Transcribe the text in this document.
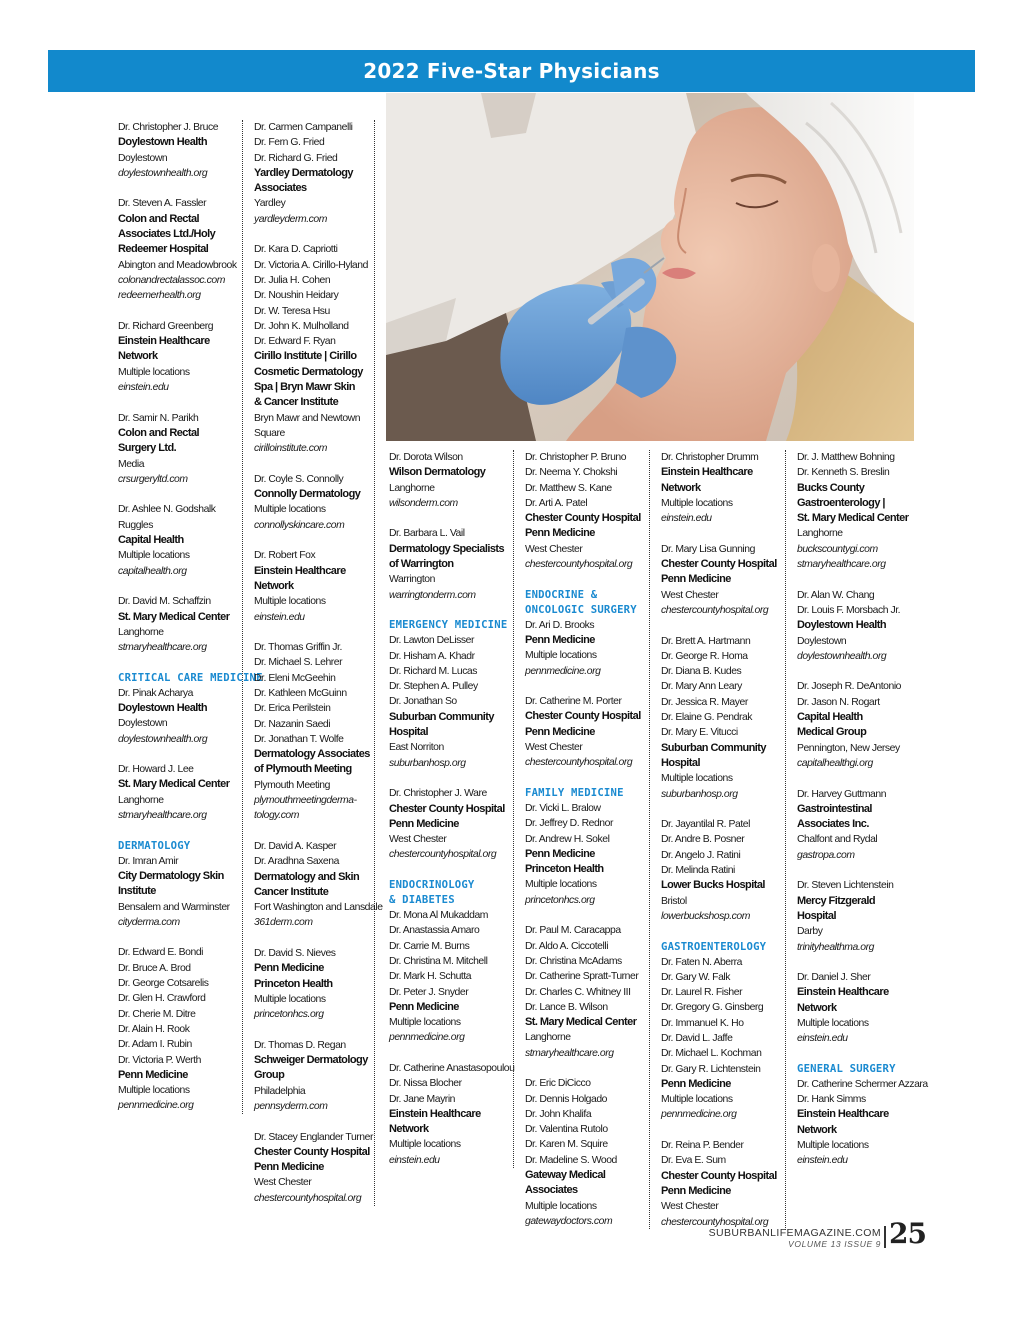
2022 Five-Star Physicians
Dr. Christopher J. Bruce
Doylestown Health
Doylestown
doylestownhealth.org
Dr. Steven A. Fassler
Colon and Rectal
Associates Ltd./Holy
Redeemer Hospital
Abington and Meadowbrook
colonandrectalassoc.com
redeemerhealth.org
Dr. Richard Greenberg
Einstein Healthcare
Network
Multiple locations
einstein.edu
Dr. Samir N. Parikh
Colon and Rectal
Surgery Ltd.
Media
crsurgeryltd.com
Dr. Ashlee N. Godshalk
Ruggles
Capital Health
Multiple locations
capitalhealth.org
Dr. David M. Schaffzin
St. Mary Medical Center
Langhorne
stmaryhealthcare.org
CRITICAL CARE MEDICINE
Dr. Pinak Acharya
Doylestown Health
Doylestown
doylestownhealth.org
Dr. Howard J. Lee
St. Mary Medical Center
Langhorne
stmaryhealthcare.org
DERMATOLOGY
Dr. Imran Amir
City Dermatology Skin
Institute
Bensalem and Warminster
cityderma.com
Dr. Edward E. Bondi
Dr. Bruce A. Brod
Dr. George Cotsarelis
Dr. Glen H. Crawford
Dr. Cherie M. Ditre
Dr. Alain H. Rook
Dr. Adam I. Rubin
Dr. Victoria P. Werth
Penn Medicine
Multiple locations
pennmedicine.org
Dr. Carmen Campanelli
Dr. Fern G. Fried
Dr. Richard G. Fried
Yardley Dermatology
Associates
Yardley
yardleyderm.com
Dr. Kara D. Capriotti
Dr. Victoria A. Cirillo-Hyland
Dr. Julia H. Cohen
Dr. Noushin Heidary
Dr. W. Teresa Hsu
Dr. John K. Mulholland
Dr. Edward F. Ryan
Cirillo Institute | Cirillo
Cosmetic Dermatology
Spa | Bryn Mawr Skin
& Cancer Institute
Bryn Mawr and Newtown
Square
cirilloinstitute.com
Dr. Coyle S. Connolly
Connolly Dermatology
Multiple locations
connollyskincare.com
Dr. Robert Fox
Einstein Healthcare
Network
Multiple locations
einstein.edu
Dr. Thomas Griffin Jr.
Dr. Michael S. Lehrer
Dr. Eleni McGeehin
Dr. Kathleen McGuinn
Dr. Erica Perilstein
Dr. Nazanin Saedi
Dr. Jonathan T. Wolfe
Dermatology Associates
of Plymouth Meeting
Plymouth Meeting
plymouthmeetingderma-
tology.com
Dr. David A. Kasper
Dr. Aradhna Saxena
Dermatology and Skin
Cancer Institute
Fort Washington and Lansdale
361derm.com
Dr. David S. Nieves
Penn Medicine
Princeton Health
Multiple locations
princetonhcs.org
Dr. Thomas D. Regan
Schweiger Dermatology
Group
Philadelphia
pennsyderm.com
Dr. Stacey Englander Turner
Chester County Hospital
Penn Medicine
West Chester
chestercountyhospital.org
Dr. Dorota Wilson
Wilson Dermatology
Langhorne
wilsonderm.com
Dr. Barbara L. Vail
Dermatology Specialists
of Warrington
Warrington
warringtonderm.com
EMERGENCY MEDICINE
Dr. Lawton DeLisser
Dr. Hisham A. Khadr
Dr. Richard M. Lucas
Dr. Stephen A. Pulley
Dr. Jonathan So
Suburban Community
Hospital
East Norriton
suburbanhosp.org
Dr. Christopher J. Ware
Chester County Hospital
Penn Medicine
West Chester
chestercountyhospital.org
ENDOCRINOLOGY
& DIABETES
Dr. Mona Al Mukaddam
Dr. Anastassia Amaro
Dr. Carrie M. Burns
Dr. Christina M. Mitchell
Dr. Mark H. Schutta
Dr. Peter J. Snyder
Penn Medicine
Multiple locations
pennmedicine.org
Dr. Catherine Anastasopoulou
Dr. Nissa Blocher
Dr. Jane Mayrin
Einstein Healthcare
Network
Multiple locations
einstein.edu
Dr. Christopher P. Bruno
Dr. Neema Y. Chokshi
Dr. Matthew S. Kane
Dr. Arti A. Patel
Chester County Hospital
Penn Medicine
West Chester
chestercountyhospital.org
ENDOCRINE &
ONCOLOGIC SURGERY
Dr. Ari D. Brooks
Penn Medicine
Multiple locations
pennmedicine.org
Dr. Catherine M. Porter
Chester County Hospital
Penn Medicine
West Chester
chestercountyhospital.org
FAMILY MEDICINE
Dr. Vicki L. Bralow
Dr. Jeffrey D. Rednor
Dr. Andrew H. Sokel
Penn Medicine
Princeton Health
Multiple locations
princetonhcs.org
Dr. Paul M. Caracappa
Dr. Aldo A. Ciccotelli
Dr. Christina McAdams
Dr. Catherine Spratt-Turner
Dr. Charles C. Whitney III
Dr. Lance B. Wilson
St. Mary Medical Center
Langhorne
stmaryhealthcare.org
Dr. Eric DiCicco
Dr. Dennis Holgado
Dr. John Khalifa
Dr. Valentina Rutolo
Dr. Karen M. Squire
Dr. Madeline S. Wood
Gateway Medical
Associates
Multiple locations
gatewaydoctors.com
Dr. Christopher Drumm
Einstein Healthcare
Network
Multiple locations
einstein.edu
Dr. Mary Lisa Gunning
Chester County Hospital
Penn Medicine
West Chester
chestercountyhospital.org
Dr. Brett A. Hartmann
Dr. George R. Homa
Dr. Diana B. Kudes
Dr. Mary Ann Leary
Dr. Jessica R. Mayer
Dr. Elaine G. Pendrak
Dr. Mary E. Vitucci
Suburban Community
Hospital
Multiple locations
suburbanhosp.org
Dr. Jayantilal R. Patel
Dr. Andre B. Posner
Dr. Angelo J. Ratini
Dr. Melinda Ratini
Lower Bucks Hospital
Bristol
lowerbuckshosp.com
GASTROENTEROLOGY
Dr. Faten N. Aberra
Dr. Gary W. Falk
Dr. Laurel R. Fisher
Dr. Gregory G. Ginsberg
Dr. Immanuel K. Ho
Dr. David L. Jaffe
Dr. Michael L. Kochman
Dr. Gary R. Lichtenstein
Penn Medicine
Multiple locations
pennmedicine.org
Dr. Reina P. Bender
Dr. Eva E. Sum
Chester County Hospital
Penn Medicine
West Chester
chestercountyhospital.org
Dr. J. Matthew Bohning
Dr. Kenneth S. Breslin
Bucks County
Gastroenterology |
St. Mary Medical Center
Langhorne
buckscountygi.com
stmaryhealthcare.org
Dr. Alan W. Chang
Dr. Louis F. Morsbach Jr.
Doylestown Health
Doylestown
doylestownhealth.org
Dr. Joseph R. DeAntonio
Dr. Jason N. Rogart
Capital Health
Medical Group
Pennington, New Jersey
capitalhealthgi.org
Dr. Harvey Guttmann
Gastrointestinal
Associates Inc.
Chalfont and Rydal
gastropa.com
Dr. Steven Lichtenstein
Mercy Fitzgerald
Hospital
Darby
trinityhealthma.org
Dr. Daniel J. Sher
Einstein Healthcare
Network
Multiple locations
einstein.edu
GENERAL SURGERY
Dr. Catherine Schermer Azzara
Dr. Hank Simms
Einstein Healthcare
Network
Multiple locations
einstein.edu
SUBURBANLIFEMAGAZINE.COM
VOLUME 13 ISSUE 9 25
